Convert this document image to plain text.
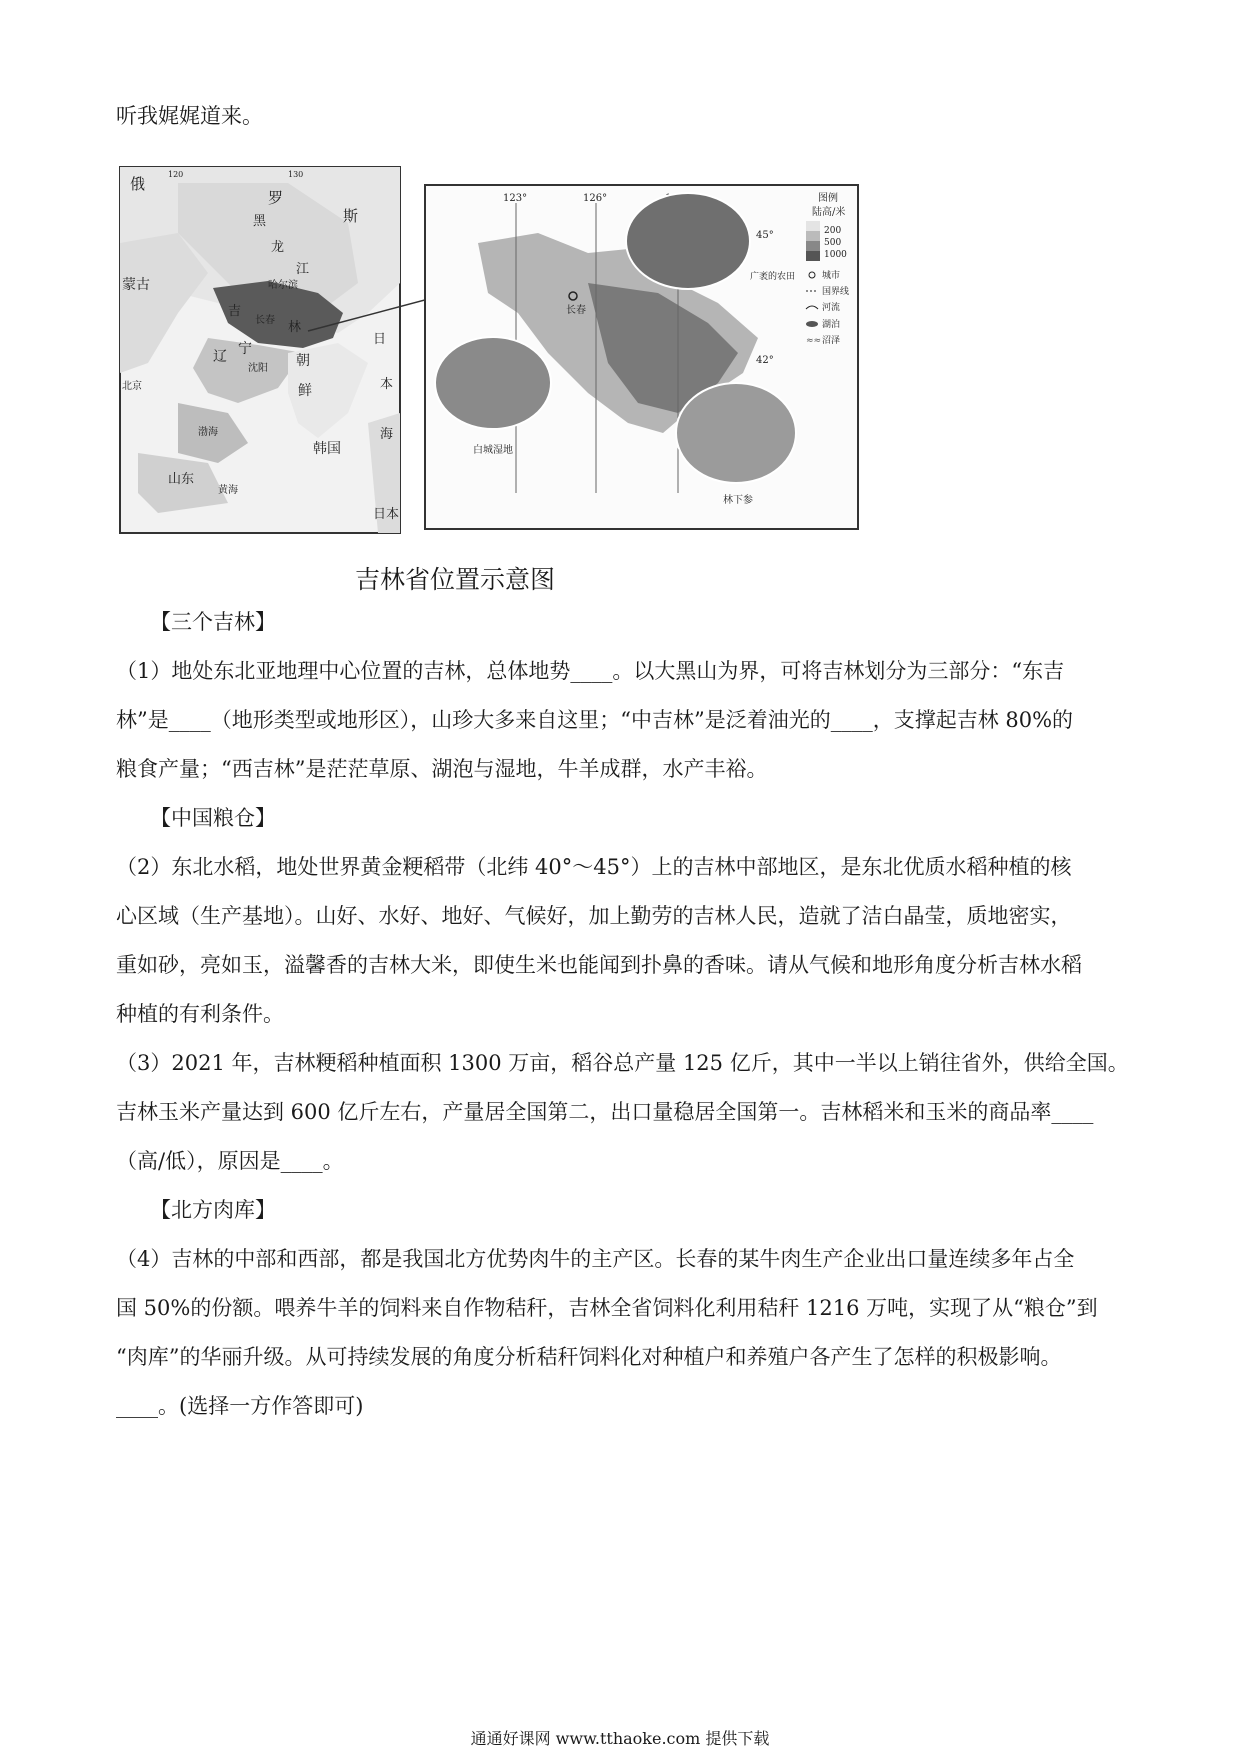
听我娓娓道来。
俄
罗
斯
黑
龙
江
蒙古	哈尔滨
吉
林
长春
辽 宁
沈阳
北京
渤海
山东
黄海
朝
鲜
韩国
日
本
海
日本
120	130
123°	126°
45°
42°
长春
广袤的农田
白城湿地
林下参
图例
陆高/米
200
500
1000
城市
国界线
河流
湖泊
≈≈ 沼泽
吉林省位置示意图
【三个吉林】
（1）地处东北亚地理中心位置的吉林，总体地势____。以大黑山为界，可将吉林划分为三部分：“东吉
林”是____（地形类型或地形区），山珍大多来自这里；“中吉林”是泛着油光的____，支撑起吉林 80%的
粮食产量；“西吉林”是茫茫草原、湖泡与湿地，牛羊成群，水产丰裕。
【中国粮仓】
（2）东北水稻，地处世界黄金粳稻带（北纬 40°～45°）上的吉林中部地区，是东北优质水稻种植的核
心区域（生产基地）。山好、水好、地好、气候好，加上勤劳的吉林人民，造就了洁白晶莹，质地密实，
重如砂，亮如玉，溢馨香的吉林大米，即使生米也能闻到扑鼻的香味。请从气候和地形角度分析吉林水稻
种植的有利条件。
（3）2021 年，吉林粳稻种植面积 1300 万亩，稻谷总产量 125 亿斤，其中一半以上销往省外，供给全国。
吉林玉米产量达到 600 亿斤左右，产量居全国第二，出口量稳居全国第一。吉林稻米和玉米的商品率____
（高/低），原因是____。
【北方肉库】
（4）吉林的中部和西部，都是我国北方优势肉牛的主产区。长春的某牛肉生产企业出口量连续多年占全
国 50%的份额。喂养牛羊的饲料来自作物秸秆，吉林全省饲料化利用秸秆 1216 万吨，实现了从“粮仓”到
“肉库”的华丽升级。从可持续发展的角度分析秸秆饲料化对种植户和养殖户各产生了怎样的积极影响。
____。(选择一方作答即可)
通通好课网 www.tthaoke.com 提供下载
